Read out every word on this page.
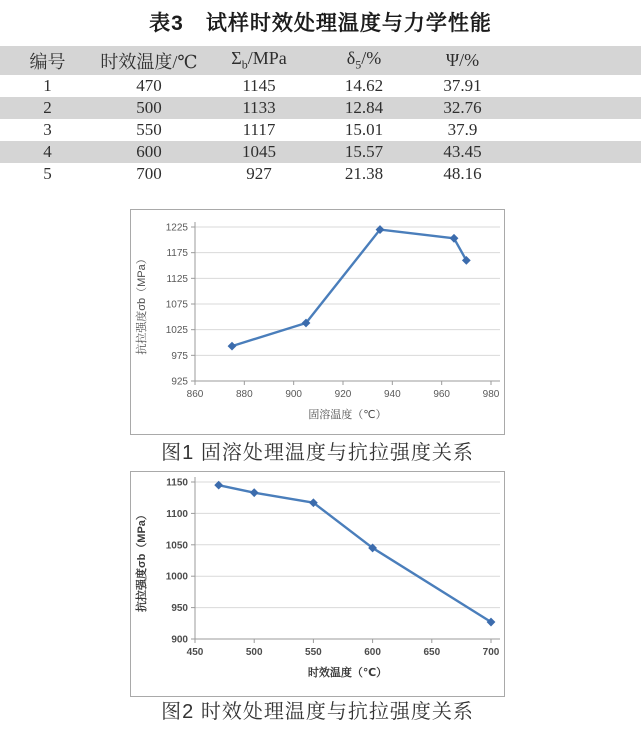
表3　试样时效处理温度与力学性能
编号	时效温度/℃	$\Sigma_b$/MPa	$\delta_5/\%$	Ψ/%	
1	470	1145	14.62	37.91	
2	500	1133	12.84	32.76	
3	550	1117	15.01	37.9	
4	600	1045	15.57	43.45	
5	700	927	21.38	48.16	
925
975
1025
1075
1125
1175
1225
860	880	900	920	940	960	980
固溶温度（℃）
抗拉强度σb（MPa）
图1 固溶处理温度与抗拉强度关系
900
950
1000
1050
1100
1150
450	500	550	600	650	700
时效温度（℃）
抗拉强度σb（MPa）
图2 时效处理温度与抗拉强度关系
